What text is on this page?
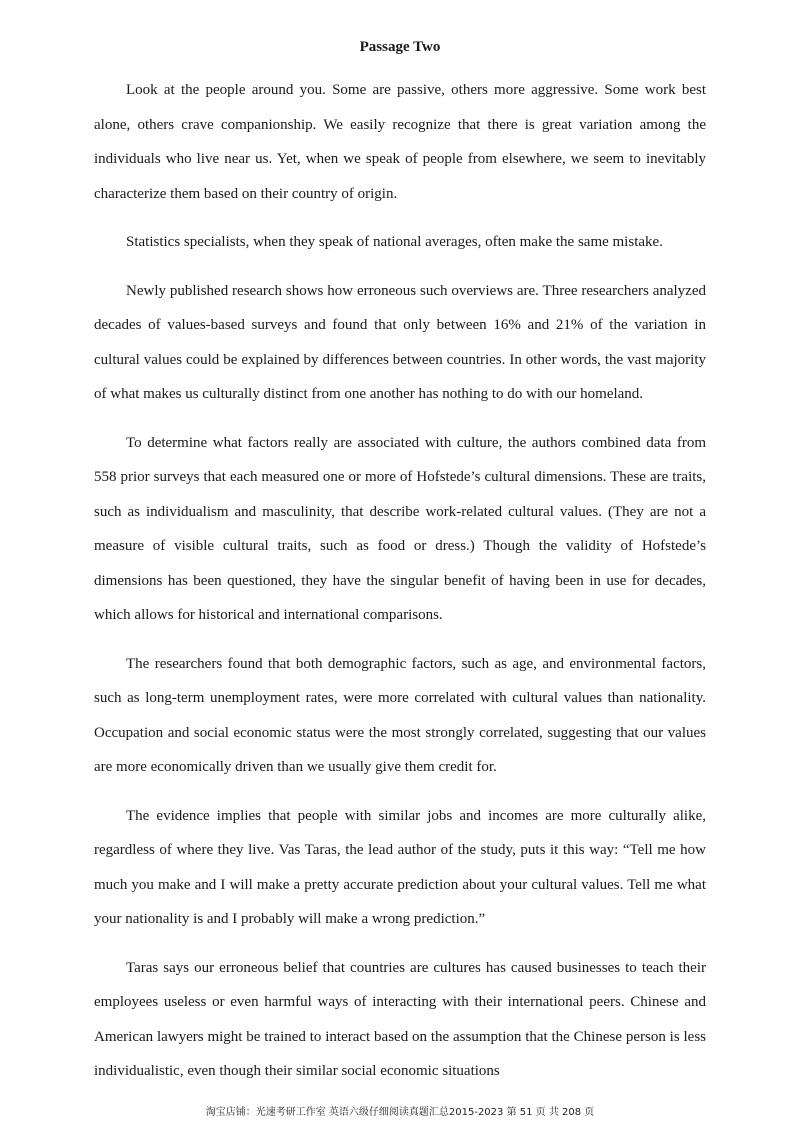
Passage Two

Look at the people around you. Some are passive, others more aggressive. Some work best alone, others crave companionship. We easily recognize that there is great variation among the individuals who live near us. Yet, when we speak of people from elsewhere, we seem to inevitably characterize them based on their country of origin.

Statistics specialists, when they speak of national averages, often make the same mistake.

Newly published research shows how erroneous such overviews are. Three researchers analyzed decades of values-based surveys and found that only between 16% and 21% of the variation in cultural values could be explained by differences between countries. In other words, the vast majority of what makes us culturally distinct from one another has nothing to do with our homeland.

To determine what factors really are associated with culture, the authors combined data from 558 prior surveys that each measured one or more of Hofstede’s cultural dimensions. These are traits, such as individualism and masculinity, that describe work-related cultural values. (They are not a measure of visible cultural traits, such as food or dress.) Though the validity of Hofstede’s dimensions has been questioned, they have the singular benefit of having been in use for decades, which allows for historical and international comparisons.

The researchers found that both demographic factors, such as age, and environmental factors, such as long-term unemployment rates, were more correlated with cultural values than nationality. Occupation and social economic status were the most strongly correlated, suggesting that our values are more economically driven than we usually give them credit for.

The evidence implies that people with similar jobs and incomes are more culturally alike, regardless of where they live. Vas Taras, the lead author of the study, puts it this way: “Tell me how much you make and I will make a pretty accurate prediction about your cultural values. Tell me what your nationality is and I probably will make a wrong prediction.”

Taras says our erroneous belief that countries are cultures has caused businesses to teach their employees useless or even harmful ways of interacting with their international peers. Chinese and American lawyers might be trained to interact based on the assumption that the Chinese person is less individualistic, even though their similar social economic situations

淘宝店铺：光速考研工作室 英语六级仔细阅读真题汇总2015-2023 第 51 页 共 208 页
